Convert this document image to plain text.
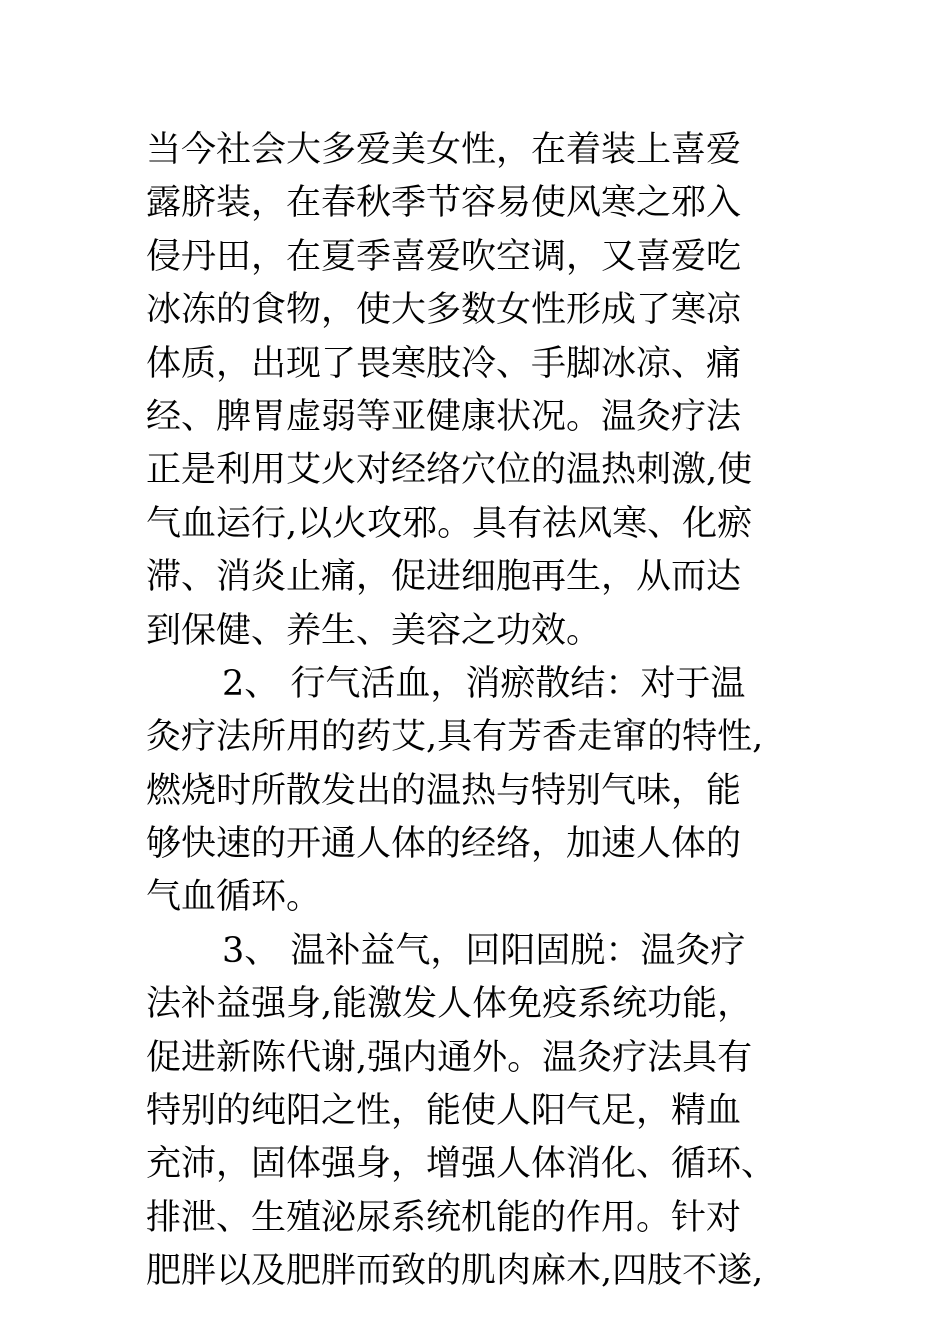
当今社会大多爱美女性，在着装上喜爱
露脐装，在春秋季节容易使风寒之邪入
侵丹田，在夏季喜爱吹空调，又喜爱吃
冰冻的食物，使大多数女性形成了寒凉
体质，出现了畏寒肢冷、手脚冰凉、痛
经、脾胃虚弱等亚健康状况。温灸疗法
正是利用艾火对经络穴位的温热刺激,使
气血运行,以火攻邪。具有祛风寒、化瘀
滞、消炎止痛，促进细胞再生，从而达
到保健、养生、美容之功效。
2、 行气活血，消瘀散结：对于温
灸疗法所用的药艾,具有芳香走窜的特性,
燃烧时所散发出的温热与特别气味，能
够快速的开通人体的经络，加速人体的
气血循环。
3、 温补益气，回阳固脱：温灸疗
法补益强身,能激发人体免疫系统功能，
促进新陈代谢,强内通外。温灸疗法具有
特别的纯阳之性，能使人阳气足，精血
充沛，固体强身，增强人体消化、循环、
排泄、生殖泌尿系统机能的作用。针对
肥胖以及肥胖而致的肌肉麻木,四肢不遂,
